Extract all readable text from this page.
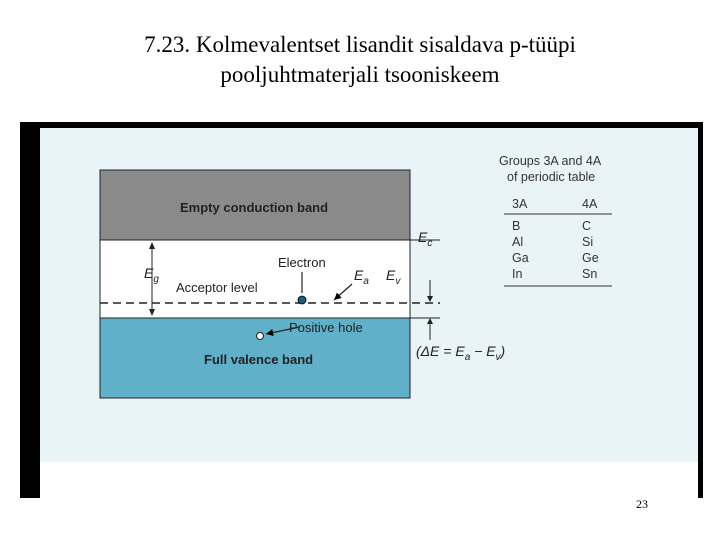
7.23. Kolmevalentset lisandit sisaldava p-tüüpi
pooljuhtmaterjali tsooniskeem
Empty conduction band
Full valence band
Acceptor level
$E_g$
$E_c$
Electron
$E_a$ $E_v$
Positive hole
$(\Delta E = E_a - E_v)$
Groups 3A and 4A
of periodic table
3A	4A
B	C
Al	Si
Ga	Ge
In	Sn
23
